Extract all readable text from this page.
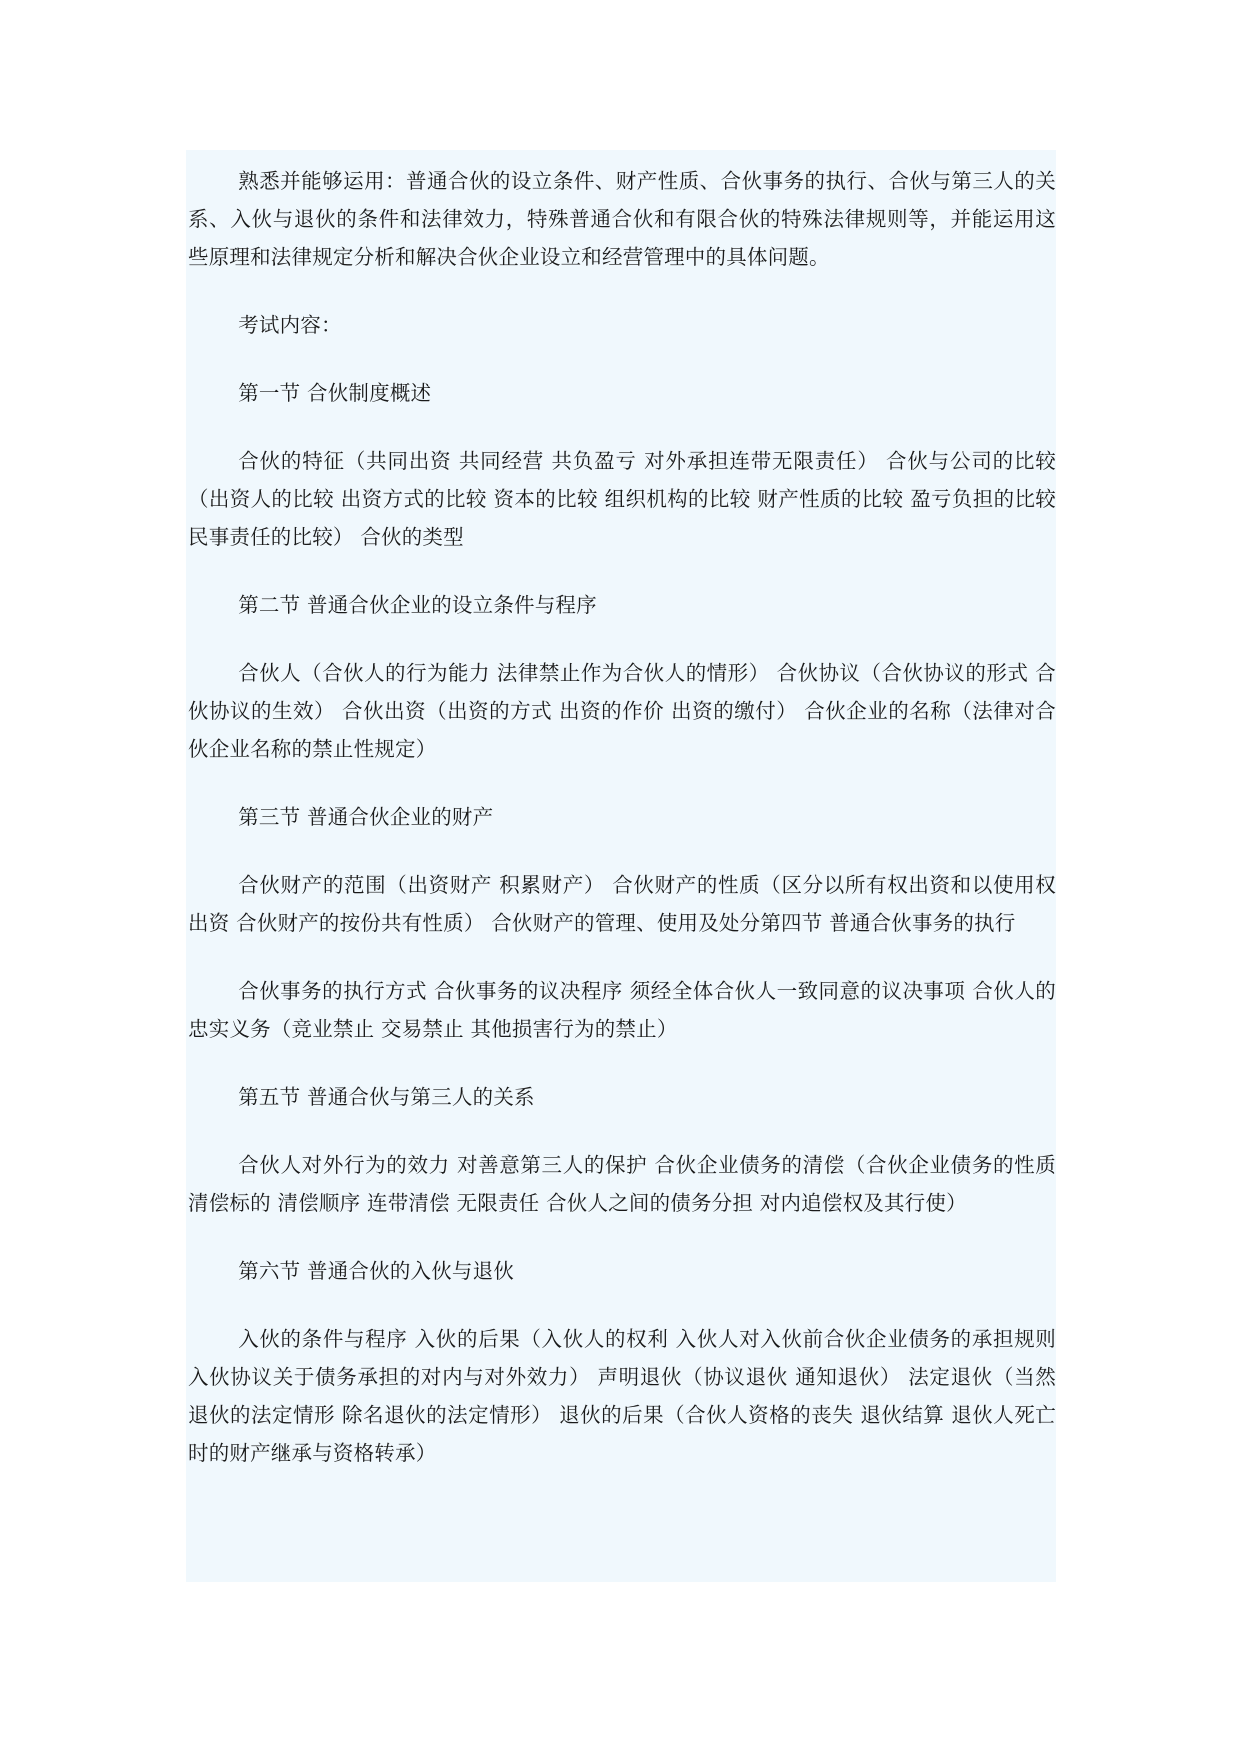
熟悉并能够运用：普通合伙的设立条件、财产性质、合伙事务的执行、合伙与第三人的关系、入伙与退伙的条件和法律效力，特殊普通合伙和有限合伙的特殊法律规则等，并能运用这些原理和法律规定分析和解决合伙企业设立和经营管理中的具体问题。

考试内容：

第一节 合伙制度概述

合伙的特征（共同出资 共同经营 共负盈亏 对外承担连带无限责任） 合伙与公司的比较（出资人的比较 出资方式的比较 资本的比较 组织机构的比较 财产性质的比较 盈亏负担的比较 民事责任的比较） 合伙的类型

第二节 普通合伙企业的设立条件与程序

合伙人（合伙人的行为能力 法律禁止作为合伙人的情形） 合伙协议（合伙协议的形式 合伙协议的生效） 合伙出资（出资的方式 出资的作价 出资的缴付） 合伙企业的名称（法律对合伙企业名称的禁止性规定）

第三节 普通合伙企业的财产

合伙财产的范围（出资财产 积累财产） 合伙财产的性质（区分以所有权出资和以使用权出资 合伙财产的按份共有性质） 合伙财产的管理、使用及处分第四节 普通合伙事务的执行

合伙事务的执行方式 合伙事务的议决程序 须经全体合伙人一致同意的议决事项 合伙人的忠实义务（竞业禁止 交易禁止 其他损害行为的禁止）

第五节 普通合伙与第三人的关系

合伙人对外行为的效力 对善意第三人的保护 合伙企业债务的清偿（合伙企业债务的性质 清偿标的 清偿顺序 连带清偿 无限责任 合伙人之间的债务分担 对内追偿权及其行使）

第六节 普通合伙的入伙与退伙

入伙的条件与程序 入伙的后果（入伙人的权利 入伙人对入伙前合伙企业债务的承担规则 入伙协议关于债务承担的对内与对外效力） 声明退伙（协议退伙 通知退伙） 法定退伙（当然退伙的法定情形 除名退伙的法定情形） 退伙的后果（合伙人资格的丧失 退伙结算 退伙人死亡时的财产继承与资格转承）
